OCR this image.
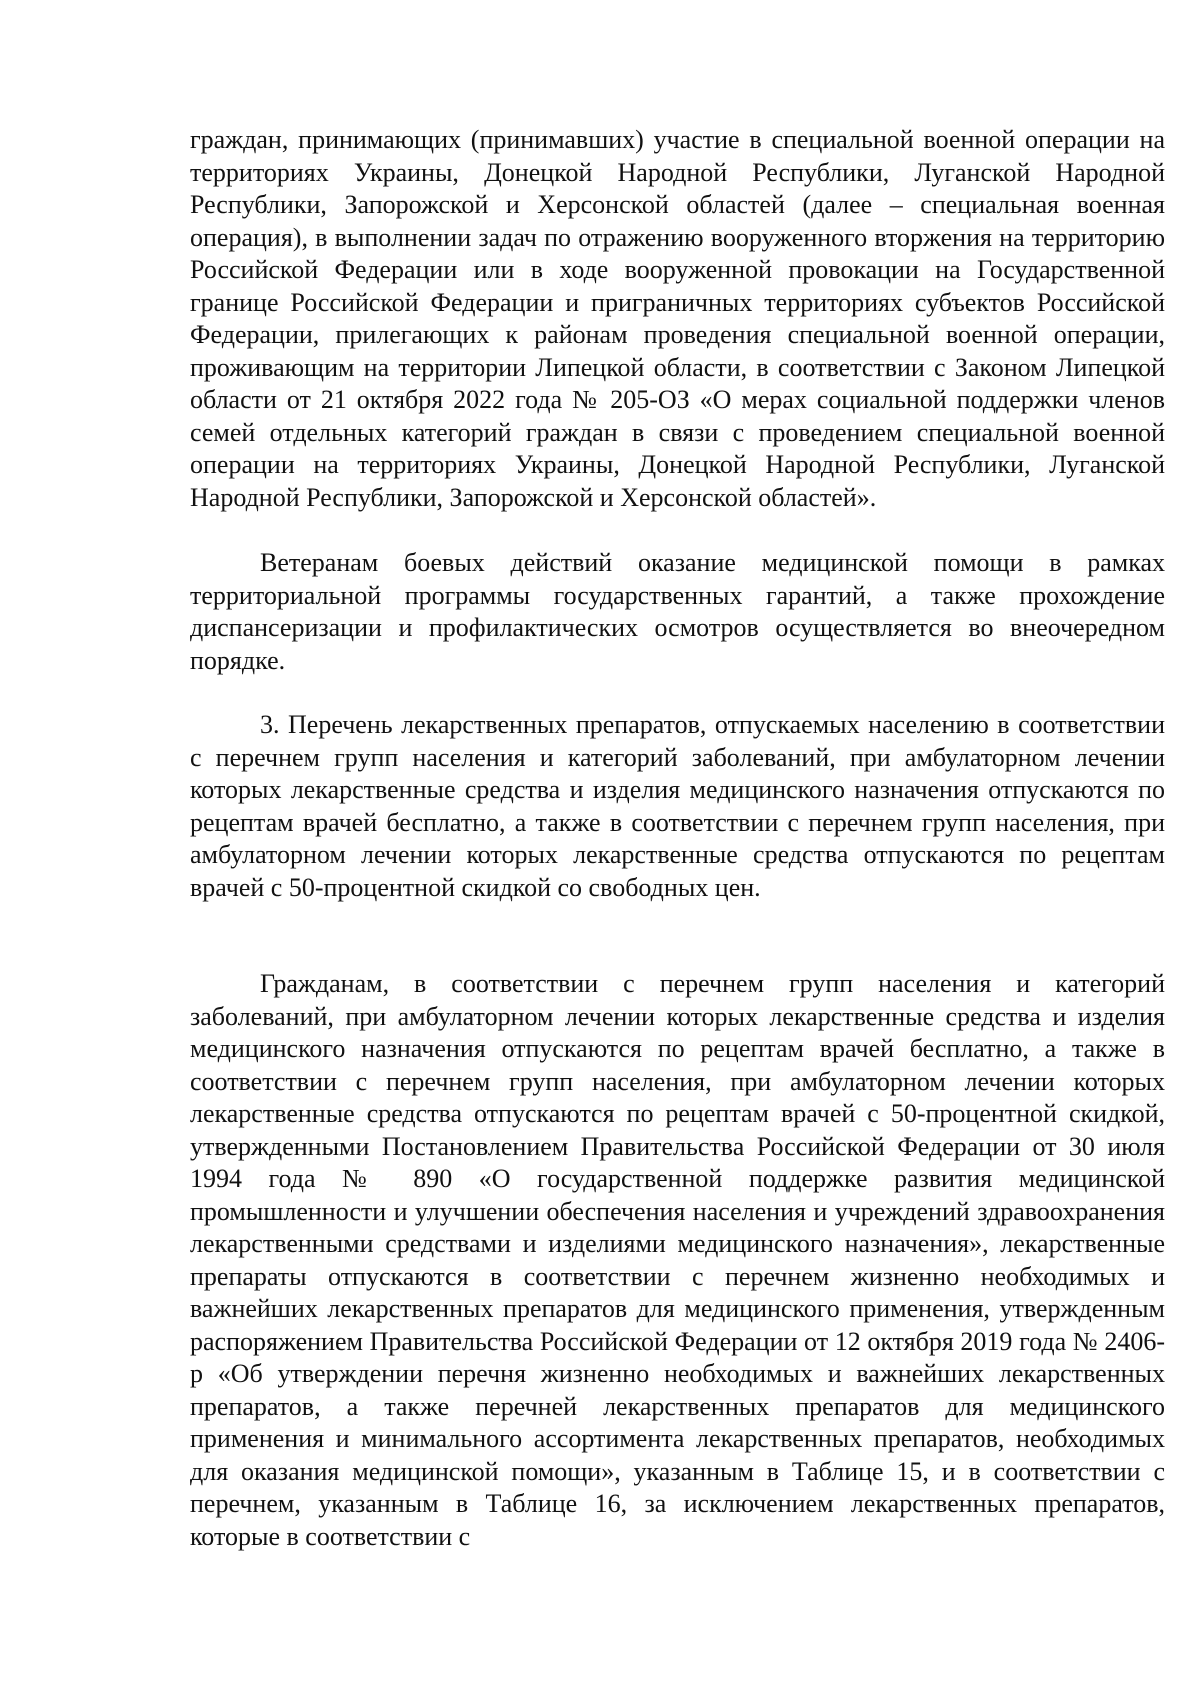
граждан, принимающих (принимавших) участие в специальной военной операции на территориях Украины, Донецкой Народной Республики, Луганской Народной Республики, Запорожской и Херсонской областей (далее – специальная военная операция), в выполнении задач по отражению вооруженного вторжения на территорию Российской Федерации или в ходе вооруженной провокации на Государственной границе Российской Федерации и приграничных территориях субъектов Российской Федерации, прилегающих к районам проведения специальной военной операции, проживающим на территории Липецкой области, в соответствии с Законом Липецкой области от 21 октября 2022 года № 205-ОЗ «О мерах социальной поддержки членов семей отдельных категорий граждан в связи с проведением специальной военной операции на территориях Украины, Донецкой Народной Республики, Луганской Народной Республики, Запорожской и Херсонской областей».

Ветеранам боевых действий оказание медицинской помощи в рамках территориальной программы государственных гарантий, а также прохождение диспансеризации и профилактических осмотров осуществляется во внеочередном порядке.

3. Перечень лекарственных препаратов, отпускаемых населению в соответствии с перечнем групп населения и категорий заболеваний, при амбулаторном лечении которых лекарственные средства и изделия медицинского назначения отпускаются по рецептам врачей бесплатно, а также в соответствии с перечнем групп населения, при амбулаторном лечении которых лекарственные средства отпускаются по рецептам врачей с 50-процентной скидкой со свободных цен.

Гражданам, в соответствии с перечнем групп населения и категорий заболеваний, при амбулаторном лечении которых лекарственные средства и изделия медицинского назначения отпускаются по рецептам врачей бесплатно, а также в соответствии с перечнем групп населения, при амбулаторном лечении которых лекарственные средства отпускаются по рецептам врачей с 50-процентной скидкой, утвержденными Постановлением Правительства Российской Федерации от 30 июля 1994 года № 890 «О государственной поддержке развития медицинской промышленности и улучшении обеспечения населения и учреждений здравоохранения лекарственными средствами и изделиями медицинского назначения», лекарственные препараты отпускаются в соответствии с перечнем жизненно необходимых и важнейших лекарственных препаратов для медицинского применения, утвержденным распоряжением Правительства Российской Федерации от 12 октября 2019 года № 2406-р «Об утверждении перечня жизненно необходимых и важнейших лекарственных препаратов, а также перечней лекарственных препаратов для медицинского применения и минимального ассортимента лекарственных препаратов, необходимых для оказания медицинской помощи», указанным в Таблице 15, и в соответствии с перечнем, указанным в Таблице 16, за исключением лекарственных препаратов, которые в соответствии с
